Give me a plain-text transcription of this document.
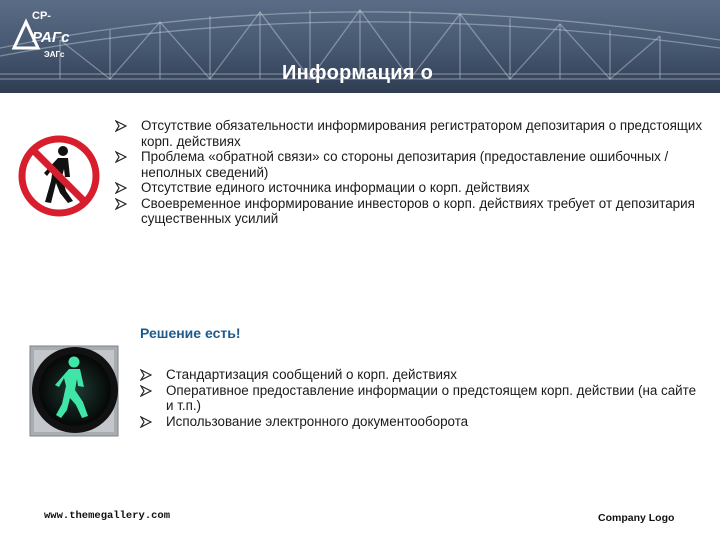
СР-
РАГс
ЭАГс
Информация о
Отсутствие обязательности информирования регистратором депозитария о предстоящих корп. действиях
Проблема «обратной связи» со стороны депозитария (предоставление ошибочных / неполных сведений)
Отсутствие единого источника информации о корп. действиях
Своевременное информирование инвесторов о корп. действиях требует от депозитария существенных усилий
Решение есть!
Стандартизация сообщений о корп. действиях
Оперативное предоставление информации о предстоящем корп. действии (на сайте и т.п.)
Использование электронного документооборота
www.themegallery.com	Company Logo
